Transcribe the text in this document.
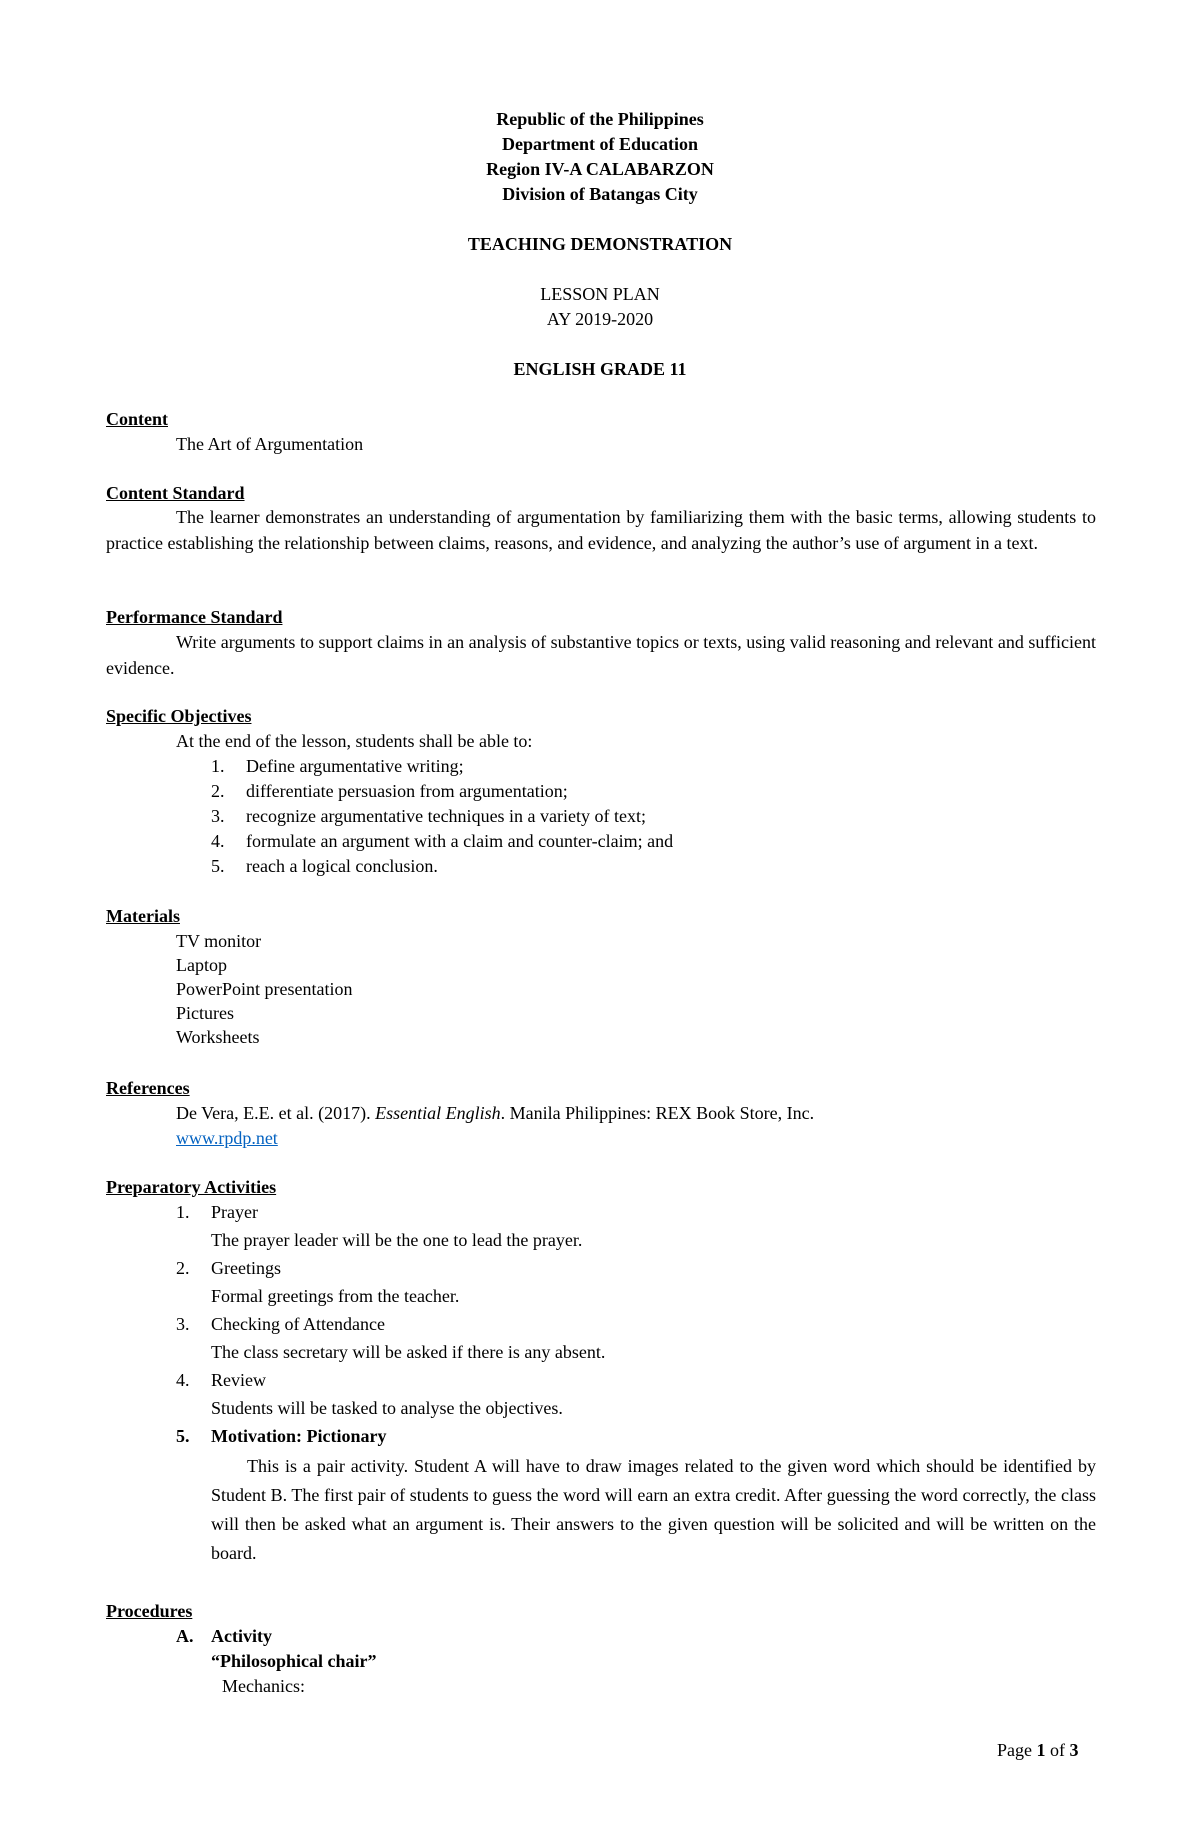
Republic of the Philippines
Department of Education
Region IV-A CALABARZON
Division of Batangas City
TEACHING DEMONSTRATION
LESSON PLAN
AY 2019-2020
ENGLISH GRADE 11
Content
The Art of Argumentation
Content Standard
The learner demonstrates an understanding of argumentation by familiarizing them with the basic terms, allowing students to practice establishing the relationship between claims, reasons, and evidence, and analyzing the author’s use of argument in a text.
Performance Standard
Write arguments to support claims in an analysis of substantive topics or texts, using valid reasoning and relevant and sufficient evidence.
Specific Objectives
At the end of the lesson, students shall be able to:
1. Define argumentative writing;
2. differentiate persuasion from argumentation;
3. recognize argumentative techniques in a variety of text;
4. formulate an argument with a claim and counter-claim; and
5. reach a logical conclusion.
Materials
TV monitor
Laptop
PowerPoint presentation
Pictures
Worksheets
References
De Vera, E.E. et al. (2017). Essential English. Manila Philippines: REX Book Store, Inc.
www.rpdp.net
Preparatory Activities
1. Prayer
The prayer leader will be the one to lead the prayer.
2. Greetings
Formal greetings from the teacher.
3. Checking of Attendance
The class secretary will be asked if there is any absent.
4. Review
Students will be tasked to analyse the objectives.
5. Motivation: Pictionary
This is a pair activity. Student A will have to draw images related to the given word which should be identified by Student B. The first pair of students to guess the word will earn an extra credit. After guessing the word correctly, the class will then be asked what an argument is. Their answers to the given question will be solicited and will be written on the board.
Procedures
A. Activity
“Philosophical chair”
Mechanics:
Page 1 of 3
